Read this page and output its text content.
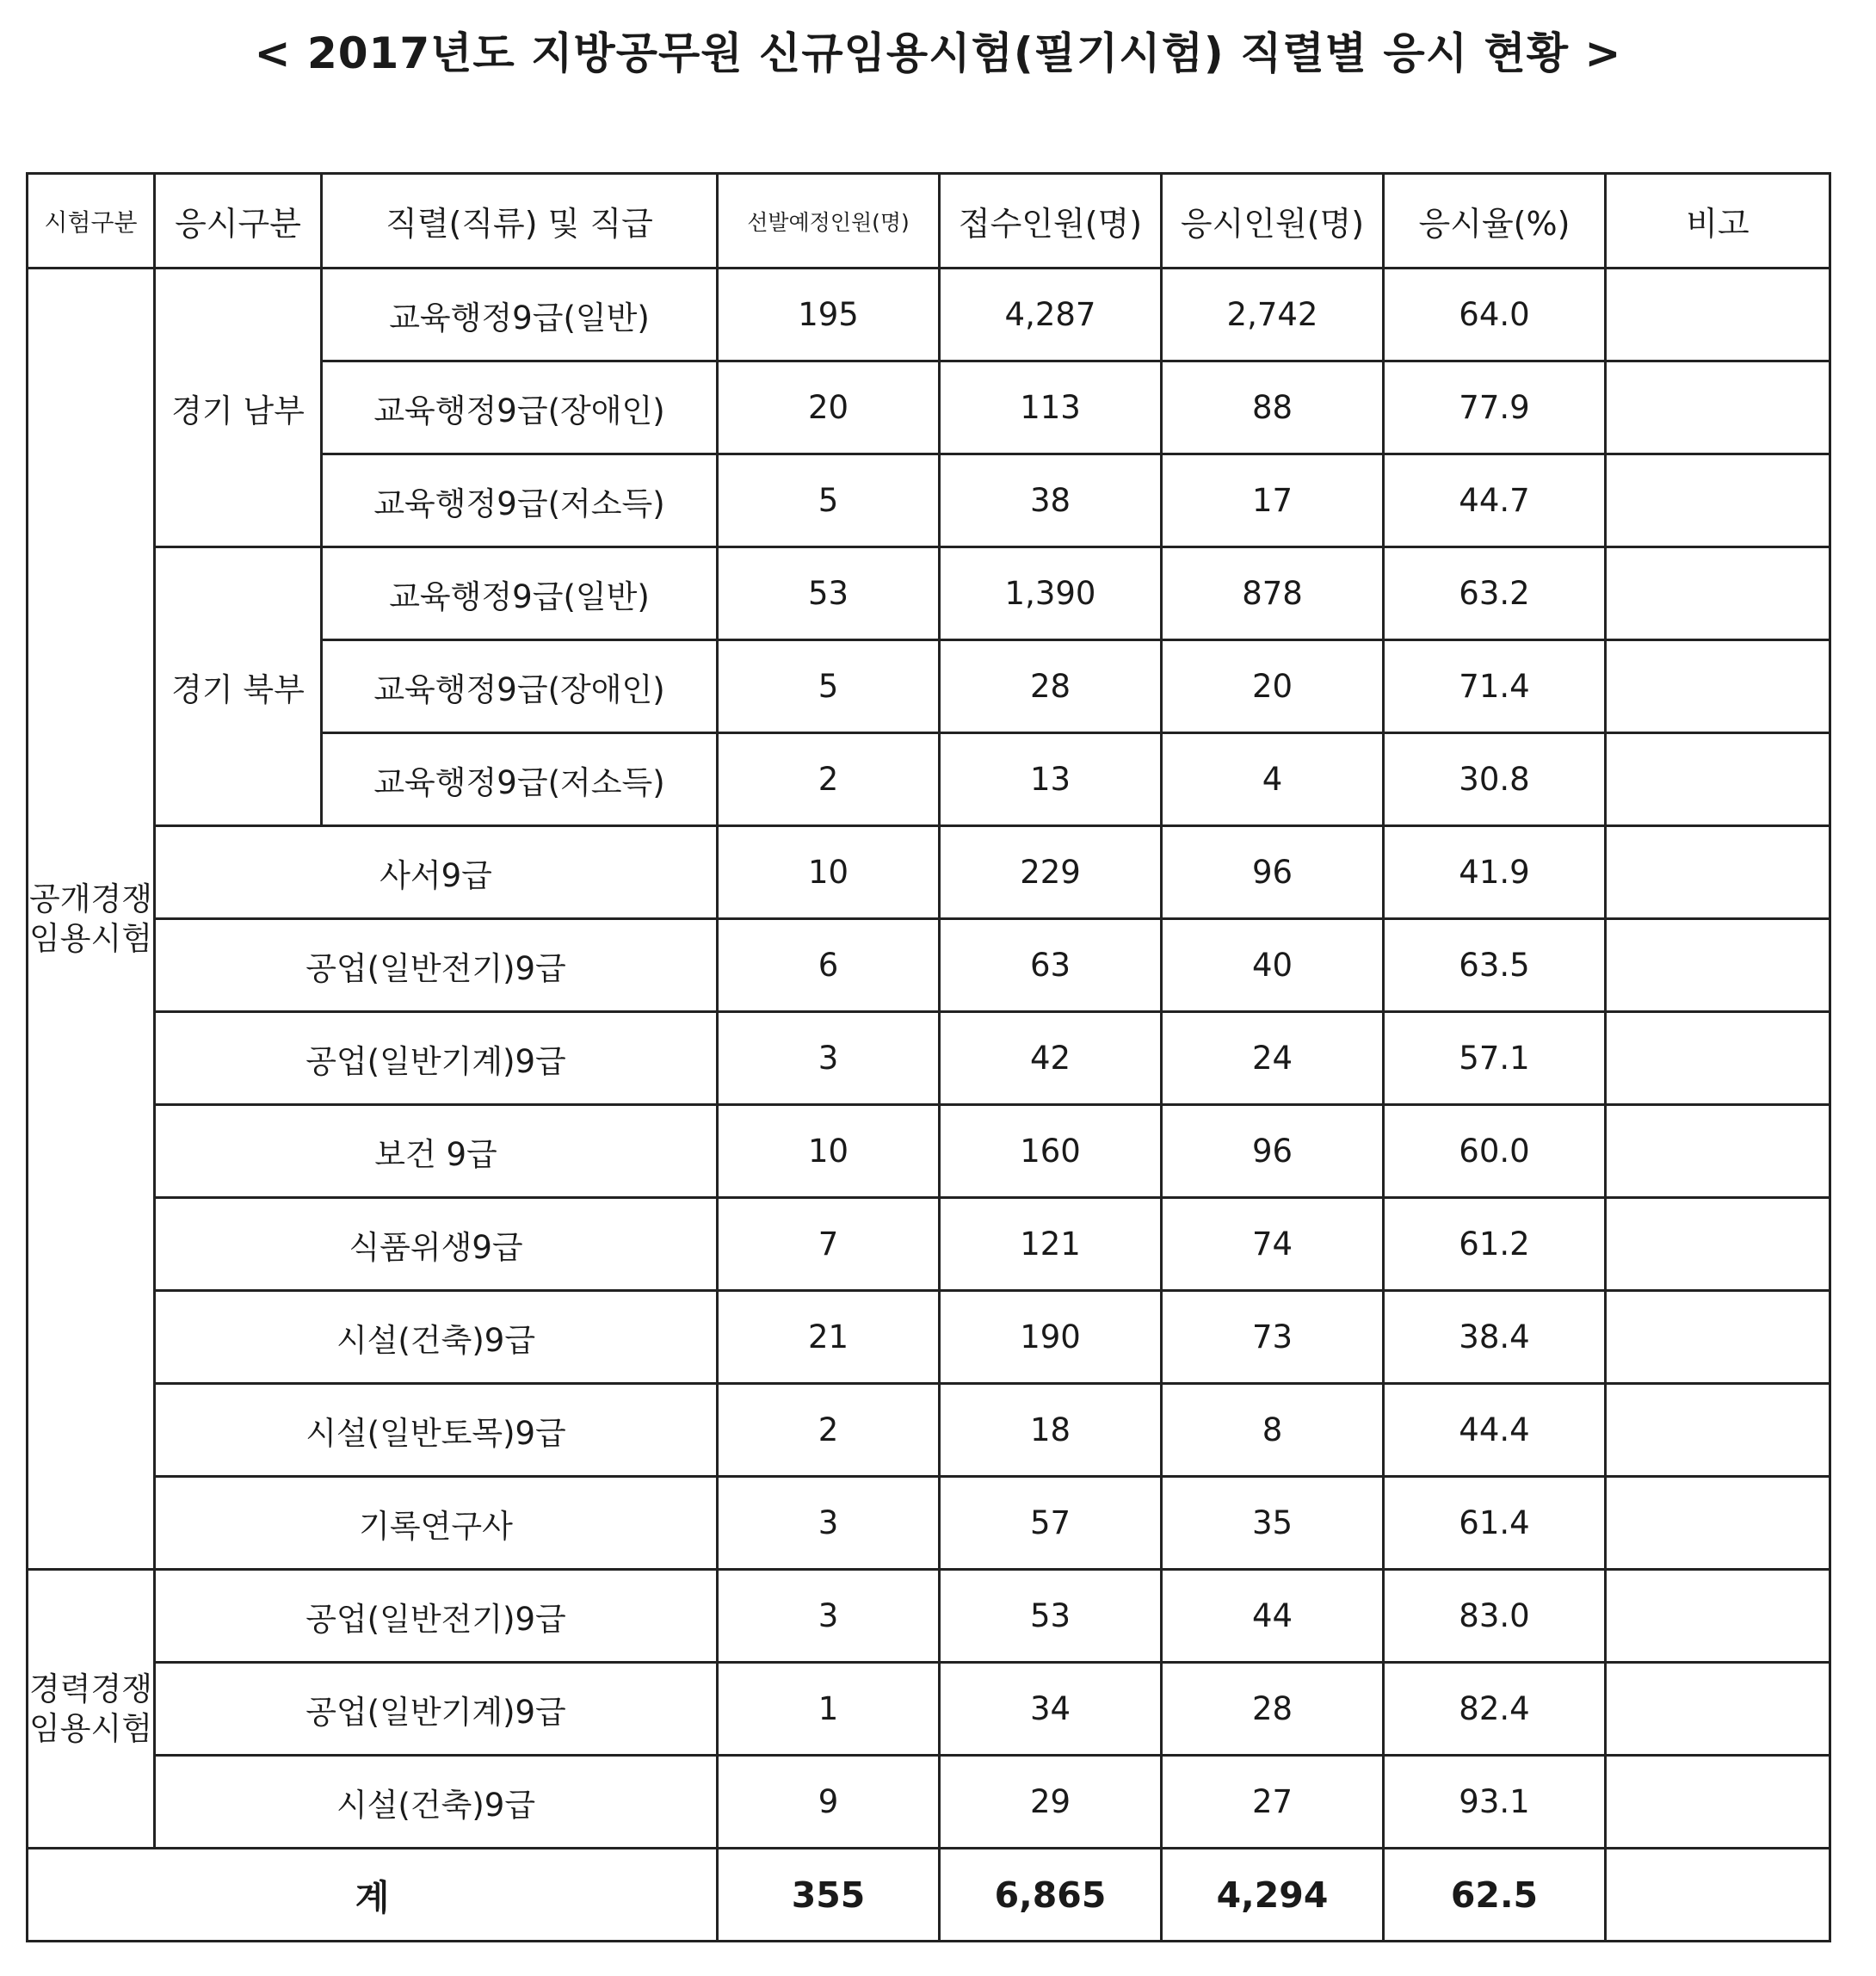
< 2017년도 지방공무원 신규임용시험(필기시험) 직렬별 응시 현황 >
시험구분	응시구분	직렬(직류) 및 직급	선발예정인원(명)	접수인원(명)	응시인원(명)	응시율(%)	비고
공개경쟁임용시험	경기 남부	교육행정9급(일반)	195	4,287	2,742	64.0	
		교육행정9급(장애인)	20	113	88	77.9	
		교육행정9급(저소득)	5	38	17	44.7	
	경기 북부	교육행정9급(일반)	53	1,390	878	63.2	
		교육행정9급(장애인)	5	28	20	71.4	
		교육행정9급(저소득)	2	13	4	30.8	
	사서9급		10	229	96	41.9	
	공업(일반전기)9급		6	63	40	63.5	
	공업(일반기계)9급		3	42	24	57.1	
	보건 9급		10	160	96	60.0	
	식품위생9급		7	121	74	61.2	
	시설(건축)9급		21	190	73	38.4	
	시설(일반토목)9급		2	18	8	44.4	
	기록연구사		3	57	35	61.4	
경력경쟁임용시험	공업(일반전기)9급		3	53	44	83.0	
	공업(일반기계)9급		1	34	28	82.4	
	시설(건축)9급		9	29	27	93.1	
계			355	6,865	4,294	62.5	
